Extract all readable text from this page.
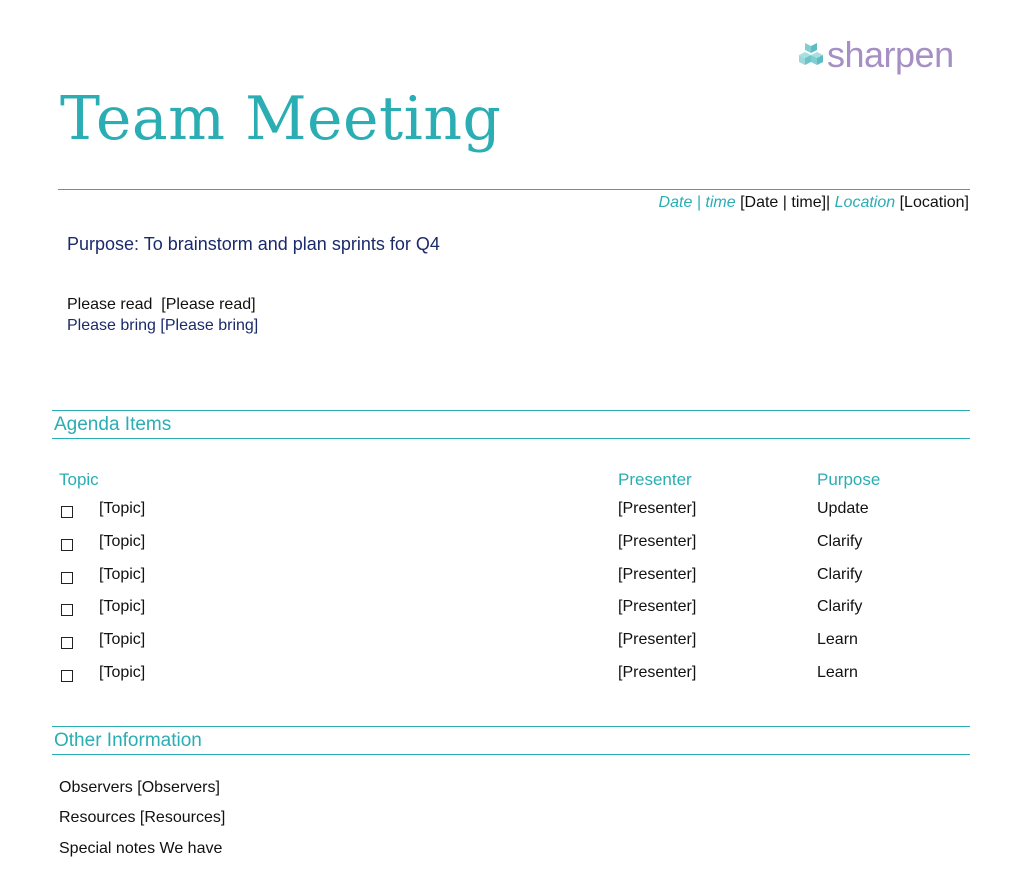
sharpen
Team Meeting
Date | time [Date | time]| Location [Location]
Purpose: To brainstorm and plan sprints for Q4
Please read [Please read]
Please bring [Please bring]
Agenda Items
Topic	Presenter	Purpose
[Topic]	[Presenter]	Update
[Topic]	[Presenter]	Clarify
[Topic]	[Presenter]	Clarify
[Topic]	[Presenter]	Clarify
[Topic]	[Presenter]	Learn
[Topic]	[Presenter]	Learn
Other Information
Observers [Observers]
Resources [Resources]
Special notes We have
